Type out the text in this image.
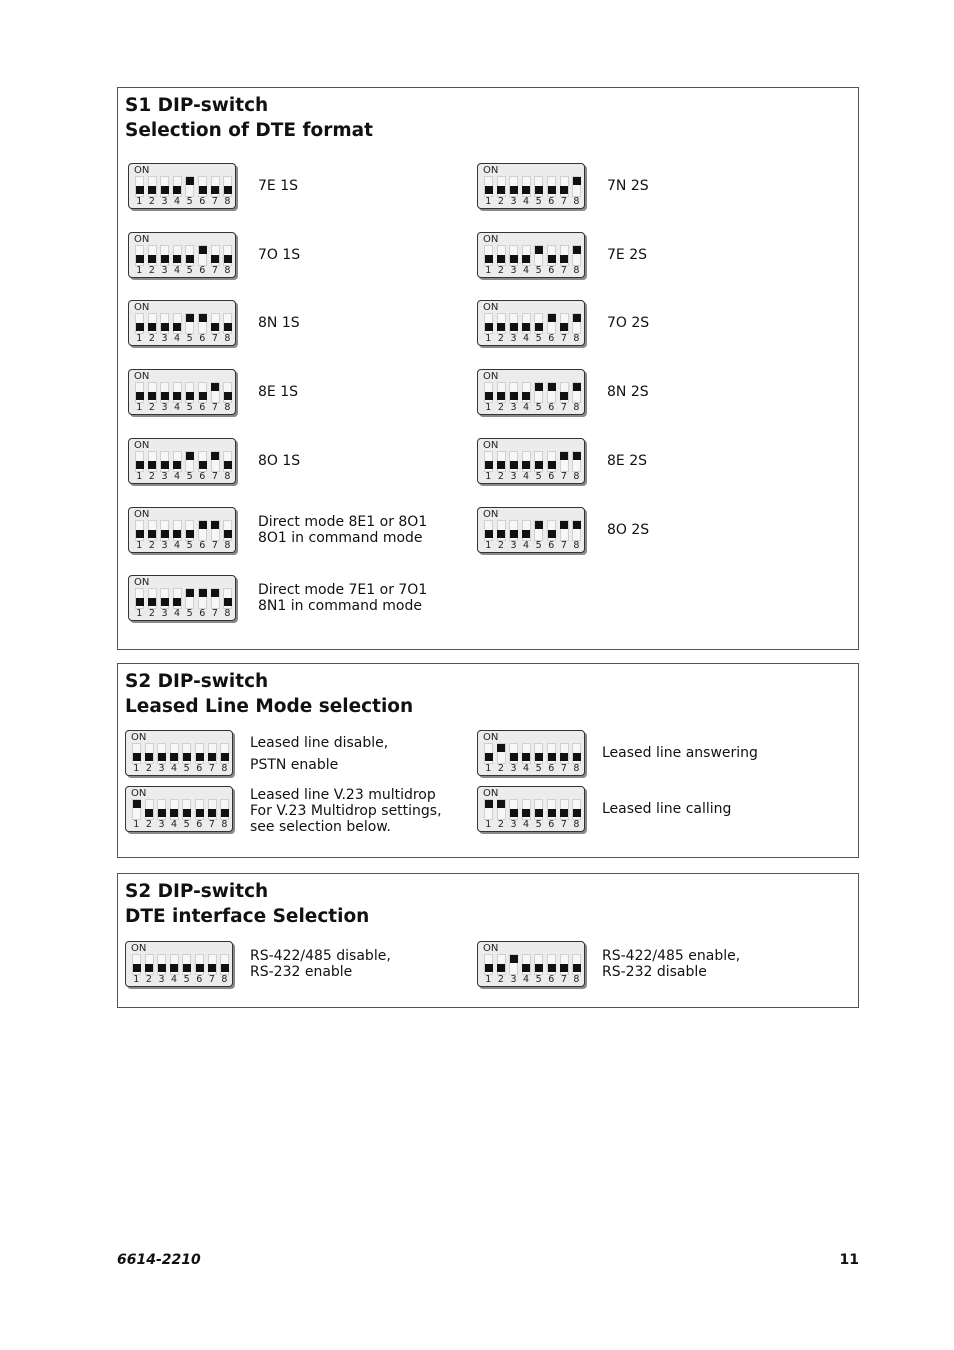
S1 DIP-switch
Selection of DTE format
ON
1 2 3 4 5 6 7 8
7E 1S
ON
1 2 3 4 5 6 7 8
7N 2S
ON
1 2 3 4 5 6 7 8
7O 1S
ON
1 2 3 4 5 6 7 8
7E 2S
ON
1 2 3 4 5 6 7 8
8N 1S
ON
1 2 3 4 5 6 7 8
7O 2S
ON
1 2 3 4 5 6 7 8
8E 1S
ON
1 2 3 4 5 6 7 8
8N 2S
ON
1 2 3 4 5 6 7 8
8O 1S
ON
1 2 3 4 5 6 7 8
8E 2S
ON
1 2 3 4 5 6 7 8
Direct mode 8E1 or 8O1
8O1 in command mode
ON
1 2 3 4 5 6 7 8
8O 2S
ON
1 2 3 4 5 6 7 8
Direct mode 7E1 or 7O1
8N1 in command mode
S2 DIP-switch
Leased Line Mode selection
ON
1 2 3 4 5 6 7 8
Leased line disable,
PSTN enable
ON
1 2 3 4 5 6 7 8
Leased line answering
ON
1 2 3 4 5 6 7 8
Leased line V.23 multidrop
For V.23 Multidrop settings,
see selection below.
ON
1 2 3 4 5 6 7 8
Leased line calling
S2 DIP-switch
DTE interface Selection
ON
1 2 3 4 5 6 7 8
RS-422/485 disable,
RS-232 enable
ON
1 2 3 4 5 6 7 8
RS-422/485 enable,
RS-232 disable
6614-2210	11
